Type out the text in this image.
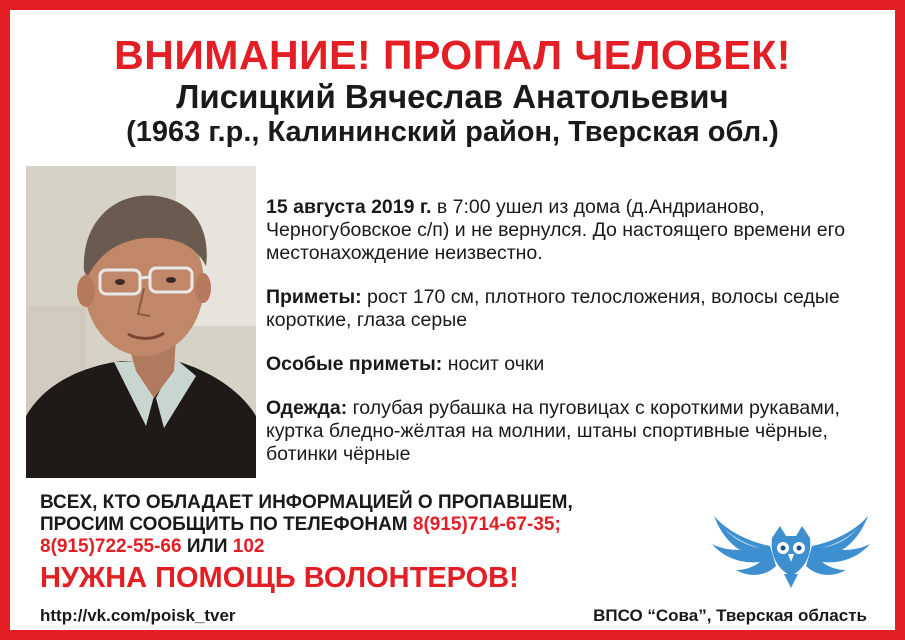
ВНИМАНИЕ! ПРОПАЛ ЧЕЛОВЕК!
Лисицкий Вячеслав Анатольевич
(1963 г.р., Калининский район, Тверская обл.)

15 августа 2019 г. в 7:00 ушел из дома (д.Андрианово, Черногубовское с/п) и не вернулся. До настоящего времени его местонахождение неизвестно.

Приметы: рост 170 см, плотного телосложения, волосы седые короткие, глаза серые

Особые приметы: носит очки

Одежда: голубая рубашка на пуговицах с короткими рукавами, куртка бледно-жёлтая на молнии, штаны спортивные чёрные, ботинки чёрные

ВСЕХ, КТО ОБЛАДАЕТ ИНФОРМАЦИЕЙ О ПРОПАВШЕМ,
ПРОСИМ СООБЩИТЬ ПО ТЕЛЕФОНАМ 8(915)714-67-35;
8(915)722-55-66 ИЛИ 102
НУЖНА ПОМОЩЬ ВОЛОНТЕРОВ!
http://vk.com/poisk_tver	ВПСО “Сова”, Тверская область
